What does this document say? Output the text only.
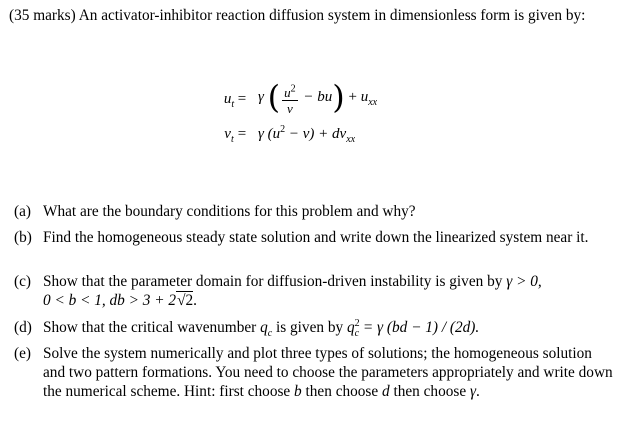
(35 marks) An activator-inhibitor reaction diffusion system in dimensionless form is given by:
$u_t = \gamma$ ( $\frac{u^2}{v} - bu) + u_{xx}$
$v_t = \gamma$ $(u^2 - v) + dv_{xx}$
(a) What are the boundary conditions for this problem and why?
(b) Find the homogeneous steady state solution and write down the linearized system near it.
(c) Show that the parameter domain for diffusion-driven instability is given by γ > 0,
0 < b < 1, db > 3 + 2√2.
(d) Show that the critical wavenumber $q_c$ is given by $q^2_c = \gamma$ (bd − 1) / (2d).
(e) Solve the system numerically and plot three types of solutions; the homogeneous solution and two pattern formations. You need to choose the parameters appropriately and write down the numerical scheme. Hint: first choose b then choose d then choose γ.
